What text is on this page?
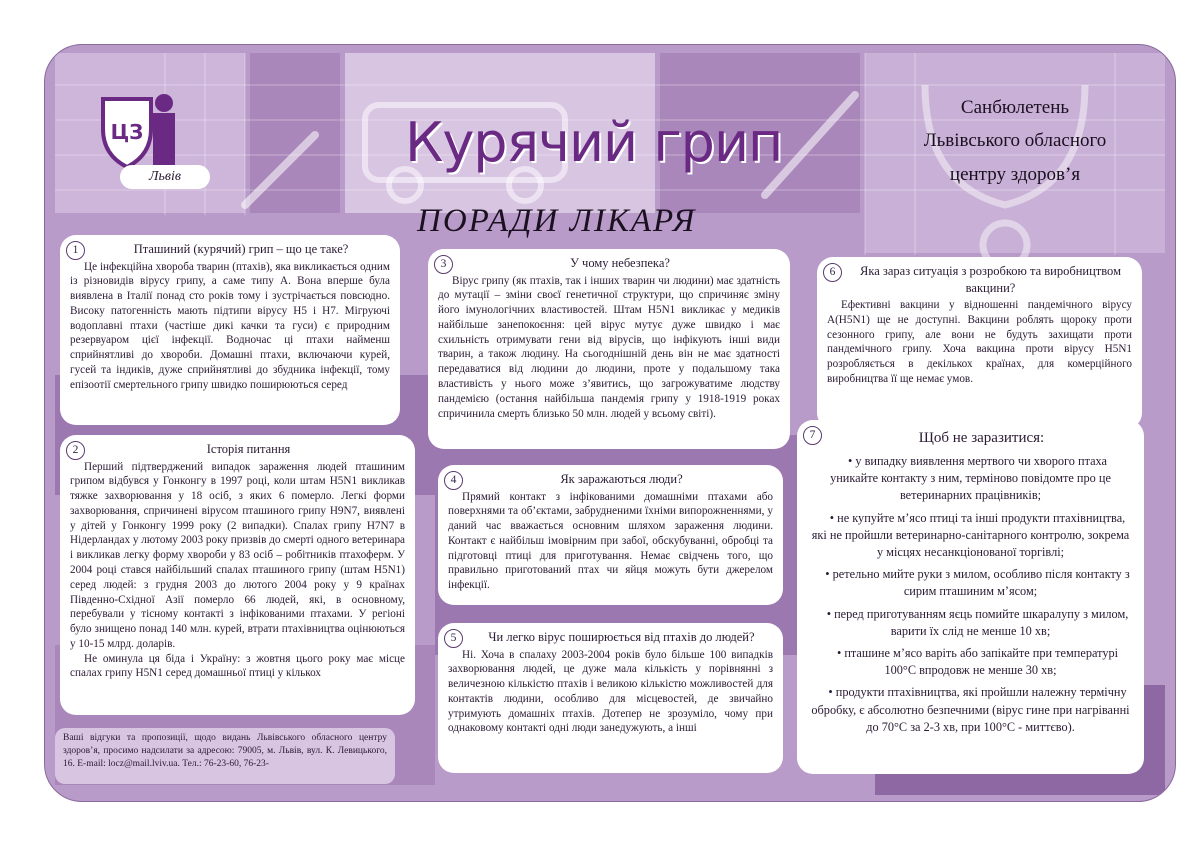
ЦЗ
Львів
Курячий грип
ПОРАДИ ЛІКАРЯ
Санбюлетень
Львівського обласного
центру здоров’я
1	Пташиний (курячий) грип – що це таке?

Це інфекційна хвороба тварин (птахів), яка викликається одним із різновидів вірусу грипу, а саме типу А. Вона вперше була виявлена в Італії понад сто років тому і зустрічається повсюдно. Високу патогенність мають підтипи вірусу Н5 і Н7. Мігруючі водоплавні птахи (частіше дикі качки та гуси) є природним резервуаром цієї інфекції. Водночас ці птахи найменш сприйнятливі до хвороби. Домашні птахи, включаючи курей, гусей та індиків, дуже сприйнятливі до збудника інфекції, тому епізоотії смертельного грипу швидко поширюються серед

2	Історія питання

Перший підтверджений випадок зараження людей пташиним грипом відбувся у Гонконгу в 1997 році, коли штам H5N1 викликав тяжке захворювання у 18 осіб, з яких 6 померло. Легкі форми захворювання, спричинені вірусом пташиного грипу H9N7, виявлені у дітей у Гонконгу 1999 року (2 випадки). Спалах грипу Н7N7 в Нідерландах у лютому 2003 року призвів до смерті одного ветеринара і викликав легку форму хвороби у 83 осіб – робітників птахоферм. У 2004 році стався найбільший спалах пташиного грипу (штам H5N1) серед людей: з грудня 2003 до лютого 2004 року у 9 країнах Південно-Східної Азії померло 66 людей, які, в основному, перебували у тісному контакті з інфікованими птахами. У регіоні було знищено понад 140 млн. курей, втрати птахівництва оцінюються у 10-15 млрд. доларів.

Не оминула ця біда і Україну: з жовтня цього року має місце спалах грипу H5N1 серед домашньої птиці у кількох

Ваші відгуки та пропозиції, щодо видань Львівського обласного центру здоров’я, просимо надсилати за адресою: 79005, м. Львів, вул. К. Левицького, 16. E-mail: locz@mail.lviv.ua. Тел.: 76-23-60, 76-23-
3	У чому небезпека?

Вірус грипу (як птахів, так і інших тварин чи людини) має здатність до мутації – зміни своєї генетичної структури, що спричиняє зміну його імунологічних властивостей. Штам H5N1 викликає у медиків найбільше занепокоєння: цей вірус мутує дуже швидко і має схильність отримувати гени від вірусів, що інфікують інші види тварин, а також людину. На сьогоднішній день він не має здатності передаватися від людини до людини, проте у подальшому така властивість у нього може з’явитись, що загрожуватиме людству пандемією (остання найбільша пандемія грипу у 1918-1919 роках спричинила смерть близько 50 млн. людей у всьому світі).

4	Як заражаються люди?

Прямий контакт з інфікованими домашніми птахами або поверхнями та об’єктами, забрудненими їхніми випорожненнями, у даний час вважається основним шляхом зараження людини. Контакт є найбільш імовірним при забої, обскубуванні, обробці та підготовці птиці для приготування. Немає свідчень того, що правильно приготований птах чи яйця можуть бути джерелом інфекції.

5	Чи легко вірус поширюється від птахів до людей?

Ні. Хоча в спалаху 2003-2004 років було більше 100 випадків захворювання людей, це дуже мала кількість у порівнянні з величезною кількістю птахів і великою кількістю можливостей для контактів людини, особливо для місцевостей, де звичайно утримують домашніх птахів. Дотепер не зрозуміло, чому при однаковому контакті одні люди занедужують, а інші

6	Яка зараз ситуація з розробкою та виробництвом вакцини?

Ефективні вакцини у відношенні пандемічного вірусу A(H5N1) ще не доступні. Вакцини роблять щороку проти сезонного грипу, але вони не будуть захищати проти пандемічного грипу. Хоча вакцина проти вірусу H5N1 розробляється в декількох країнах, для комерційного виробництва її ще немає умов.

7	Щоб не заразитися:

• у випадку виявлення мертвого чи хворого птаха уникайте контакту з ним, терміново повідомте про це ветеринарних працівників;

• не купуйте м’ясо птиці та інші продукти птахівництва, які не пройшли ветеринарно-санітарного контролю, зокрема у місцях несанкціонованої торгівлі;

• ретельно мийте руки з милом, особливо після контакту з сирим пташиним м’ясом;

• перед приготуванням яєць помийте шкаралупу з милом, варити їх слід не менше 10 хв;

• пташине м’ясо варіть або запікайте при температурі 100°С впродовж не менше 30 хв;

• продукти птахівництва, які пройшли належну термічну обробку, є абсолютно безпечними (вірус гине при нагріванні до 70°С за 2-3 хв, при 100°С - миттєво).
